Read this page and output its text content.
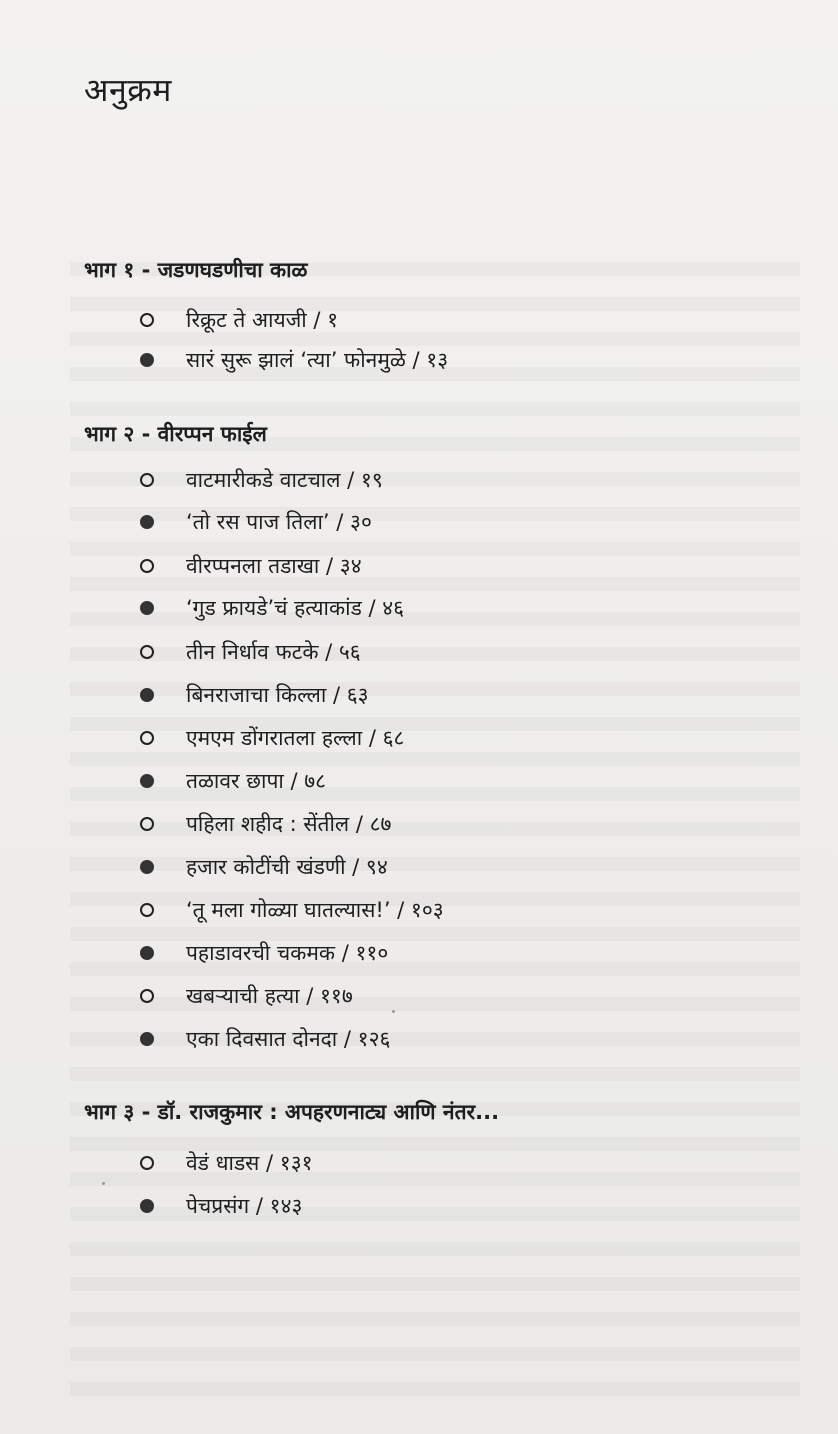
अनुक्रम
भाग १ - जडणघडणीचा काळ
रिक्रूट ते आयजी / १
सारं सुरू झालं ‘त्या’ फोनमुळे / १३
भाग २ - वीरप्पन फाईल
वाटमारीकडे वाटचाल / १९
‘तो रस पाज तिला’ / ३०
वीरप्पनला तडाखा / ३४
‘गुड फ्रायडे’चं हत्याकांड / ४६
तीन निर्धाव फटके / ५६
बिनराजाचा किल्ला / ६३
एमएम डोंगरातला हल्ला / ६८
तळावर छापा / ७८
पहिला शहीद : सेंतील / ८७
हजार कोटींची खंडणी / ९४
‘तू मला गोळ्या घातल्यास!’ / १०३
पहाडावरची चकमक / ११०
खबऱ्याची हत्या / ११७
एका दिवसात दोनदा / १२६
भाग ३ - डॉ. राजकुमार : अपहरणनाट्य आणि नंतर...
वेडं धाडस / १३१
पेचप्रसंग / १४३
